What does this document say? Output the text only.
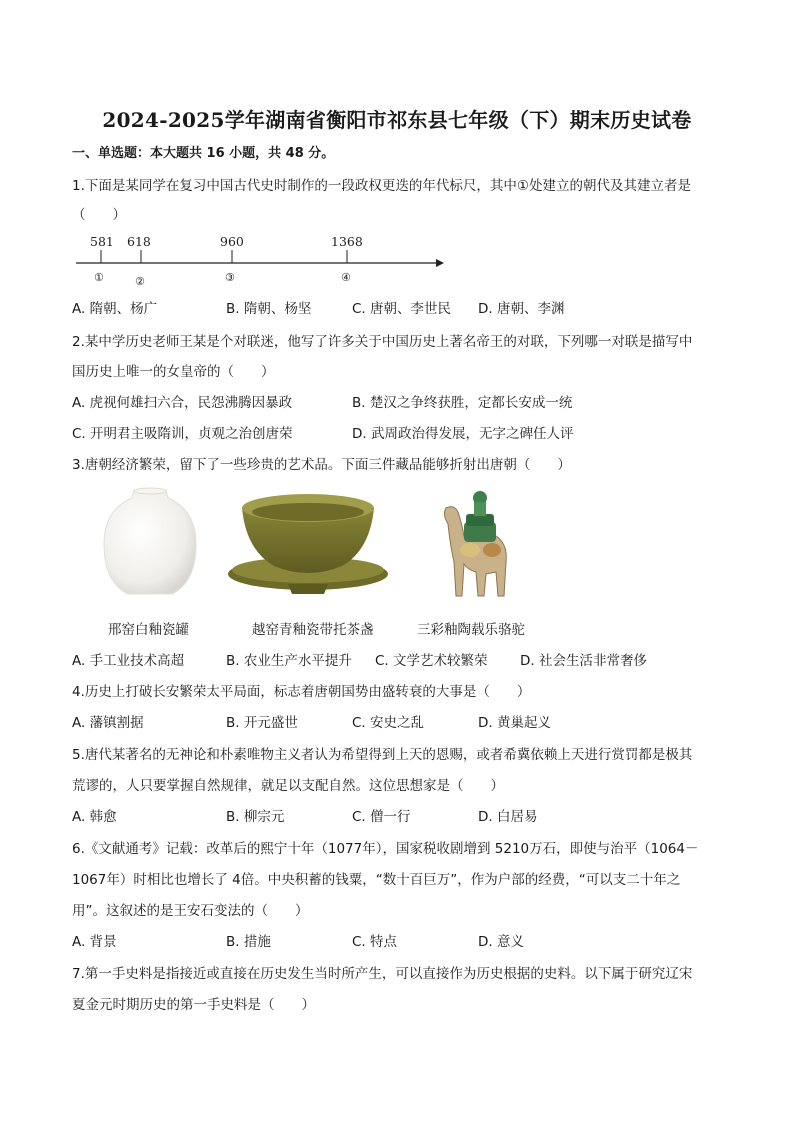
2024-2025学年湖南省衡阳市祁东县七年级（下）期末历史试卷
一、单选题：本大题共 16 小题，共 48 分。
1.下面是某同学在复习中国古代史时制作的一段政权更迭的年代标尺，其中①处建立的朝代及其建立者是
（　　）
581 618	960	1368
①	②	③	④
A. 隋朝、杨广	B. 隋朝、杨坚	C. 唐朝、李世民 D. 唐朝、李渊
2.某中学历史老师王某是个对联迷，他写了许多关于中国历史上著名帝王的对联，下列哪一对联是描写中
国历史上唯一的女皇帝的（　　）
A. 虎视何雄扫六合，民怨沸腾因暴政	B. 楚汉之争终获胜，定都长安成一统
C. 开明君主吸隋训，贞观之治创唐荣	D. 武周政治得发展，无字之碑任人评
3.唐朝经济繁荣，留下了一些珍贵的艺术品。下面三件藏品能够折射出唐朝（　　）
邢窑白釉瓷罐	越窑青釉瓷带托茶盏	三彩釉陶载乐骆驼
A. 手工业技术高超	B. 农业生产水平提升 C. 文学艺术较繁荣 D. 社会生活非常奢侈
4.历史上打破长安繁荣太平局面，标志着唐朝国势由盛转衰的大事是（　　）
A. 藩镇割据	B. 开元盛世	C. 安史之乱	D. 黄巢起义
5.唐代某著名的无神论和朴素唯物主义者认为希望得到上天的恩赐，或者希冀依赖上天进行赏罚都是极其
荒谬的，人只要掌握自然规律，就足以支配自然。这位思想家是（　　）
A. 韩愈	B. 柳宗元	C. 僧一行	D. 白居易
6.《文献通考》记载：改革后的熙宁十年（1077年），国家税收剧增到 5210万石，即使与治平（1064－
1067年）时相比也增长了 4倍。中央积蓄的钱粟，“数十百巨万”，作为户部的经费，“可以支二十年之
用”。这叙述的是王安石变法的（　　）
A. 背景	B. 措施	C. 特点	D. 意义
7.第一手史料是指接近或直接在历史发生当时所产生，可以直接作为历史根据的史料。以下属于研究辽宋
夏金元时期历史的第一手史料是（　　）
